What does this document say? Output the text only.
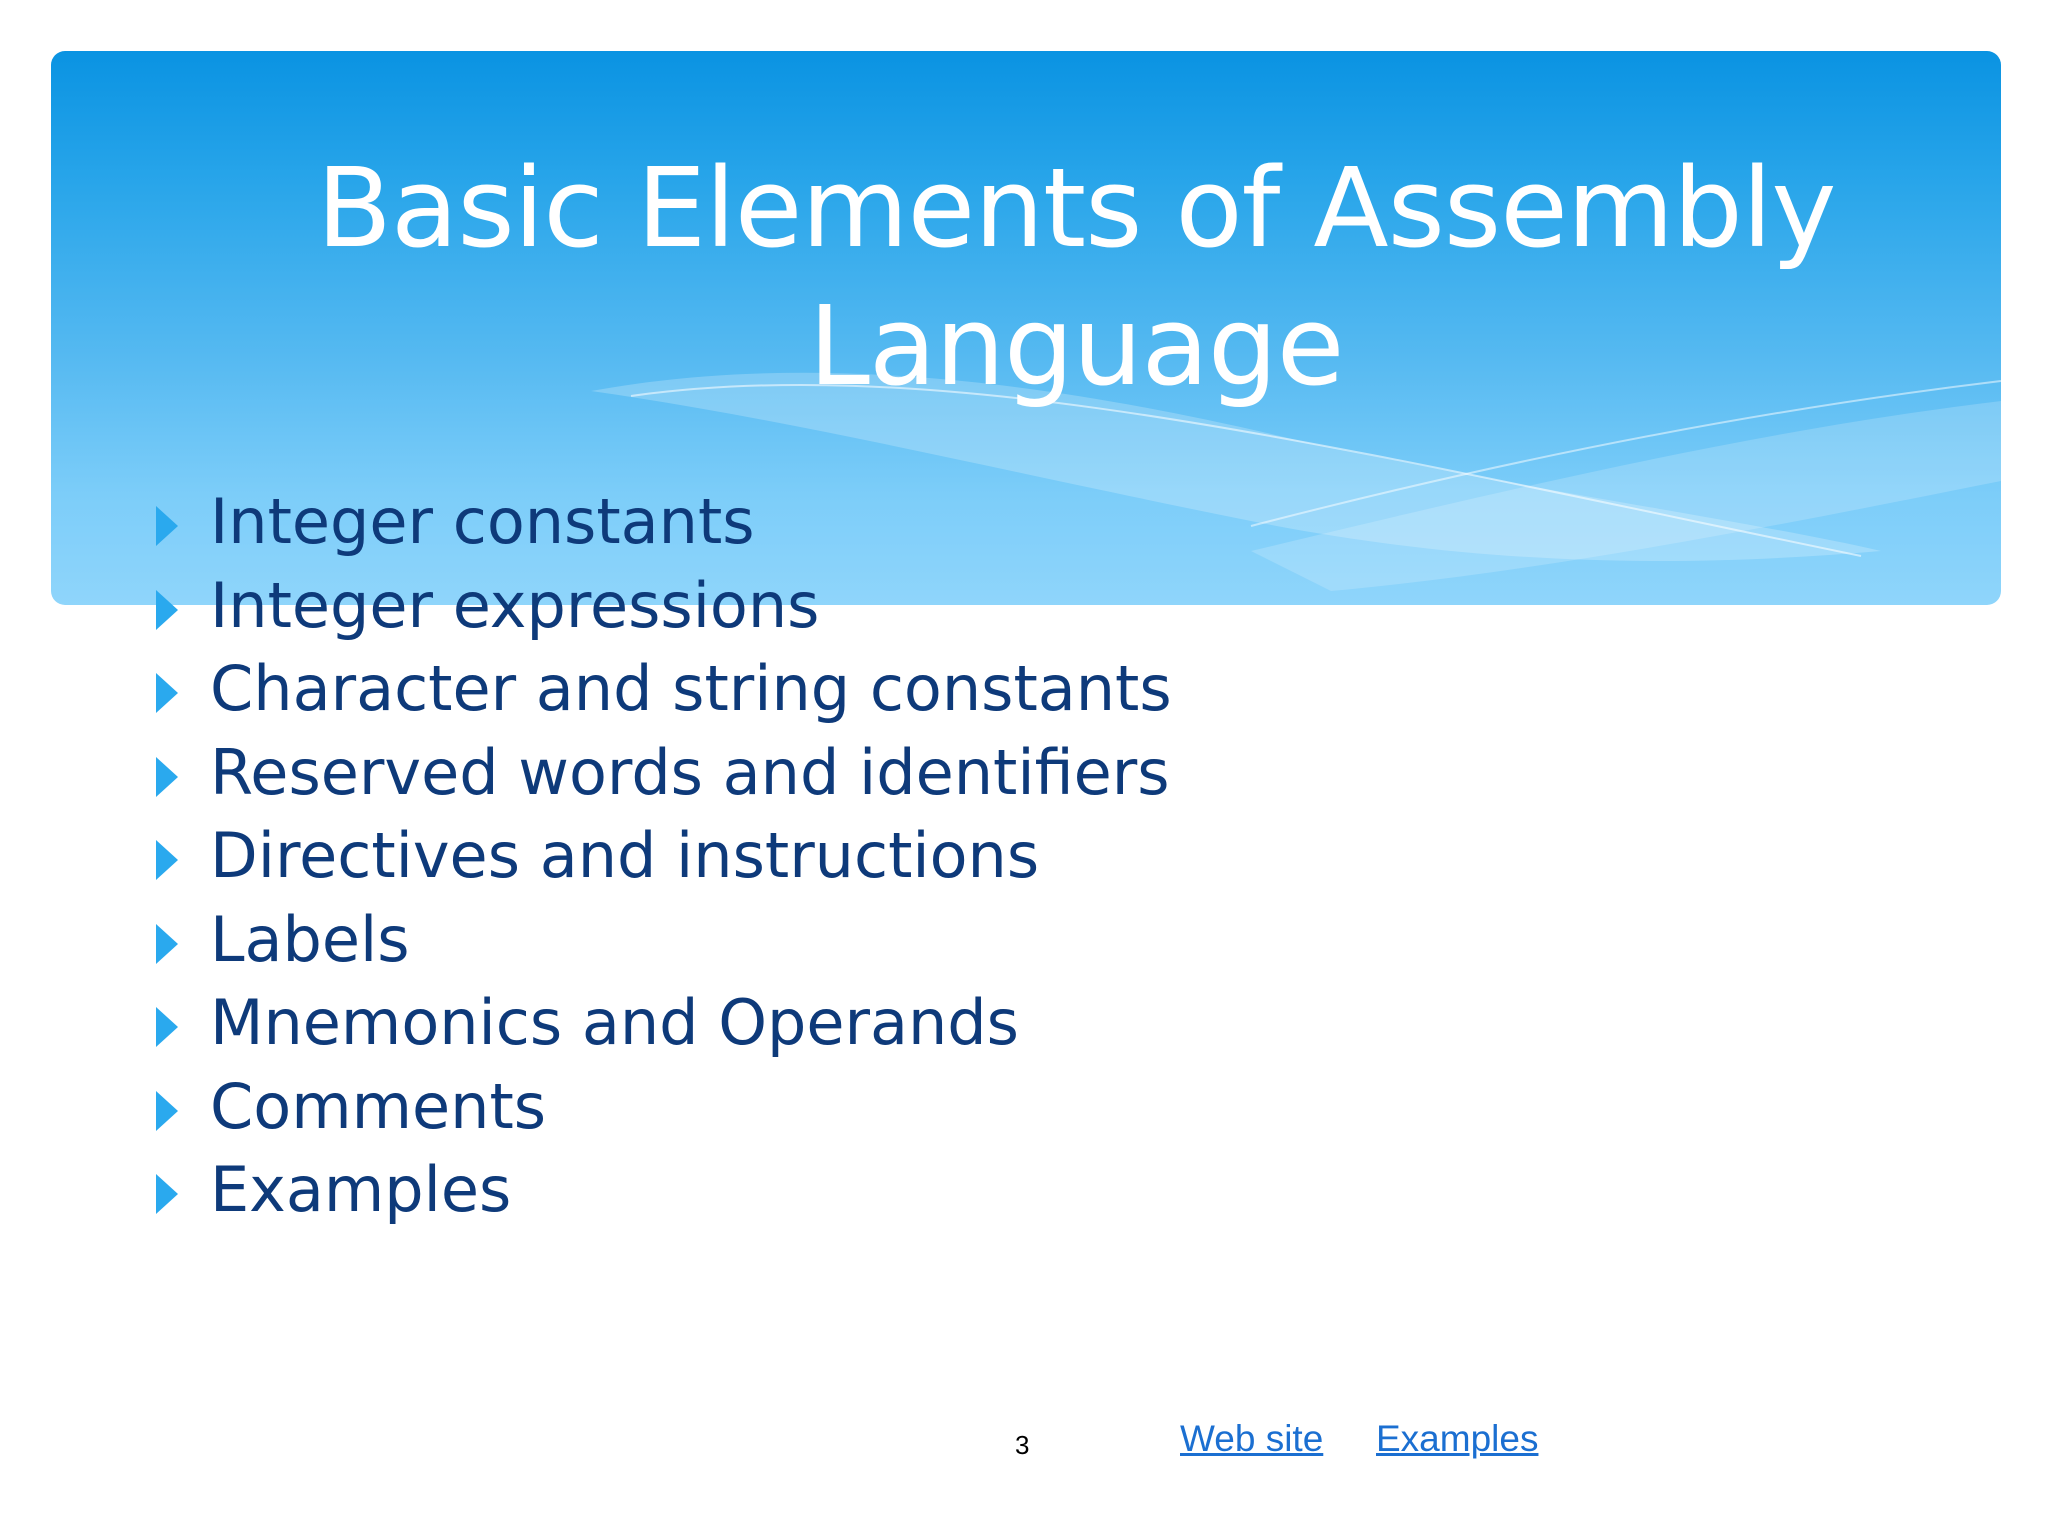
Basic Elements of Assembly Language
Integer constants
Integer expressions
Character and string constants
Reserved words and identifiers
Directives and instructions
Labels
Mnemonics and Operands
Comments
Examples
3	Web site Examples
